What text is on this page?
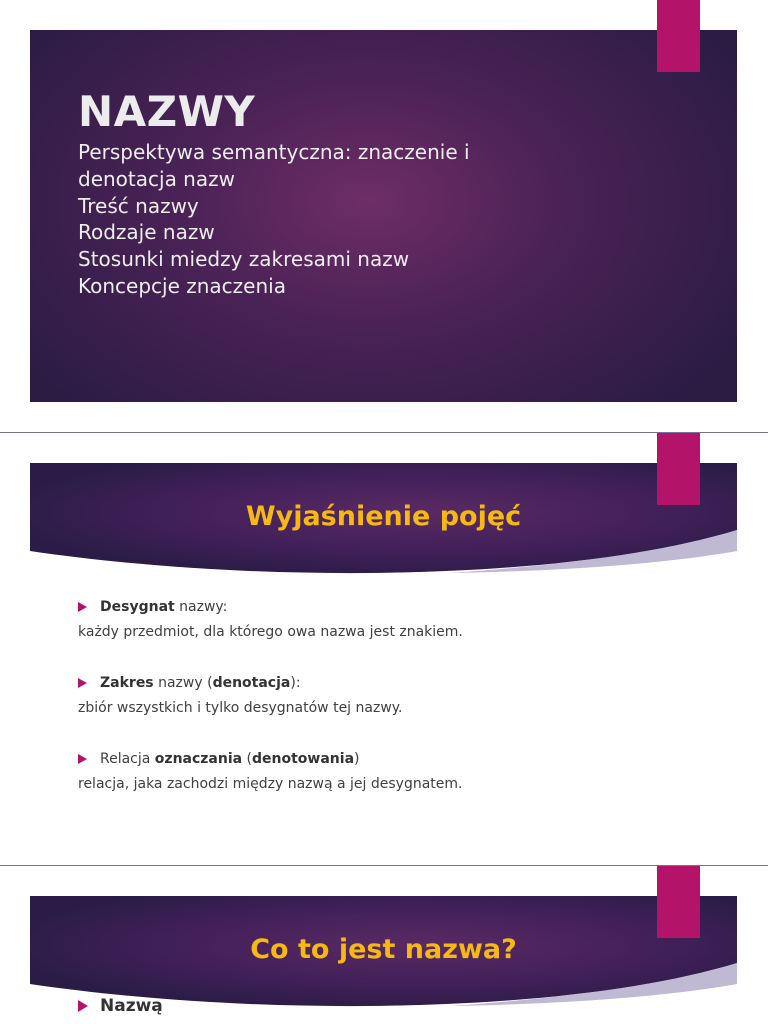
NAZWY
Perspektywa semantyczna: znaczenie i
denotacja nazw
Treść nazwy
Rodzaje nazw
Stosunki miedzy zakresami nazw
Koncepcje znaczenia
Wyjaśnienie pojęć
Desygnat nazwy:
każdy przedmiot, dla którego owa nazwa jest znakiem.
Zakres nazwy (denotacja):
zbiór wszystkich i tylko desygnatów tej nazwy.
Relacja oznaczania (denotowania)
relacja, jaka zachodzi między nazwą a jej desygnatem.
Co to jest nazwa?
Nazwą
